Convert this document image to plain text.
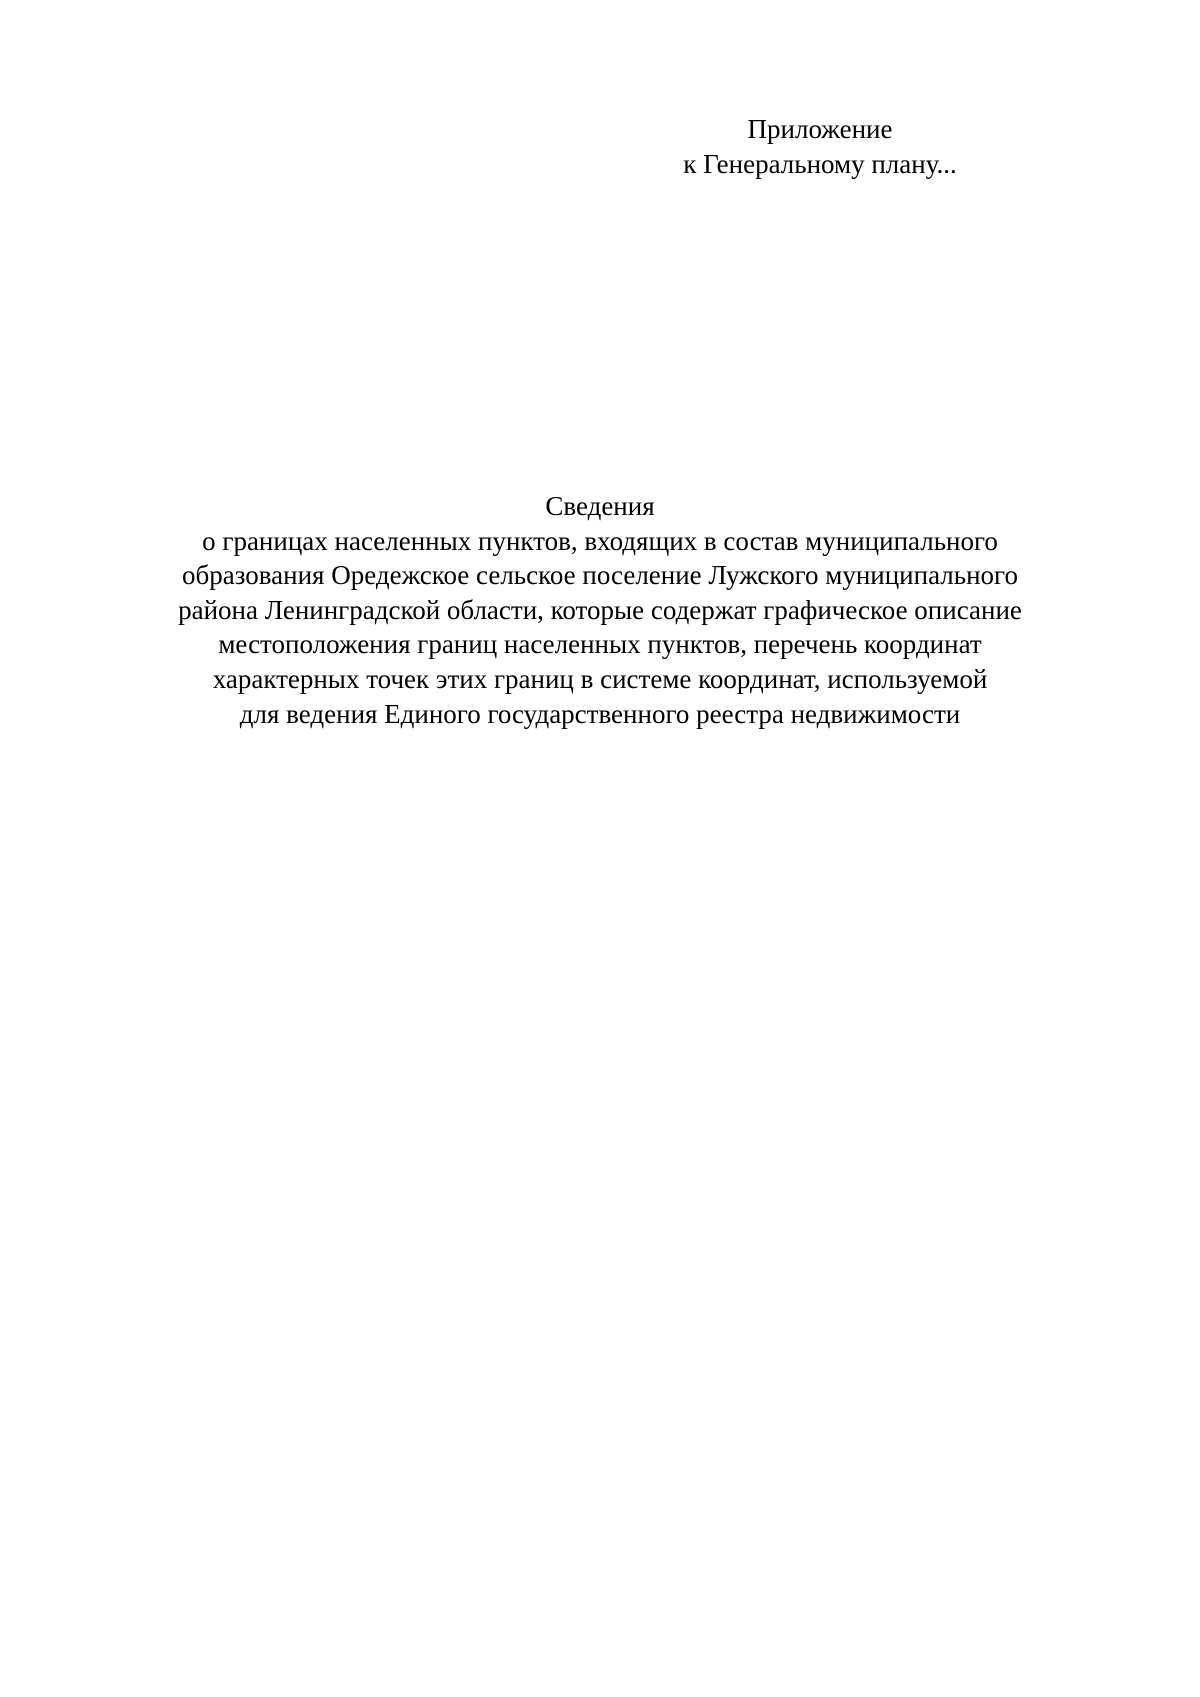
Приложение
к Генеральному плану...
Сведения
о границах населенных пунктов, входящих в состав муниципального
образования Оредежское сельское поселение Лужского муниципального
района Ленинградской области, которые содержат графическое описание
местоположения границ населенных пунктов, перечень координат
характерных точек этих границ в системе координат, используемой
для ведения Единого государственного реестра недвижимости
